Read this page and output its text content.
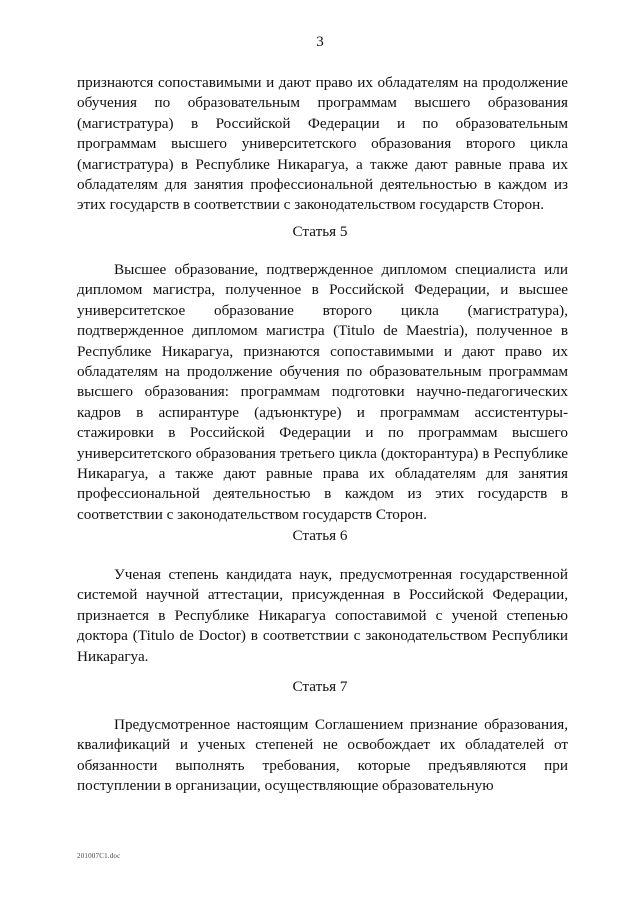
3

признаются сопоставимыми и дают право их обладателям на продолжение обучения по образовательным программам высшего образования (магистратура) в Российской Федерации и по образовательным программам высшего университетского образования второго цикла (магистратура) в Республике Никарагуа, а также дают равные права их обладателям для занятия профессиональной деятельностью в каждом из этих государств в соответствии с законодательством государств Сторон.

Статья 5

Высшее образование, подтвержденное дипломом специалиста или дипломом магистра, полученное в Российской Федерации, и высшее университетское образование второго цикла (магистратура), подтвержденное дипломом магистра (Titulo de Maestria), полученное в Республике Никарагуа, признаются сопоставимыми и дают право их обладателям на продолжение обучения по образовательным программам высшего образования: программам подготовки научно-педагогических кадров в аспирантуре (адъюнктуре) и программам ассистентуры-стажировки в Российской Федерации и по программам высшего университетского образования третьего цикла (докторантура) в Республике Никарагуа, а также дают равные права их обладателям для занятия профессиональной деятельностью в каждом из этих государств в соответствии с законодательством государств Сторон.

Статья 6

Ученая степень кандидата наук, предусмотренная государственной системой научной аттестации, присужденная в Российской Федерации, признается в Республике Никарагуа сопоставимой с ученой степенью доктора (Titulo de Doctor) в соответствии с законодательством Республики Никарагуа.

Статья 7

Предусмотренное настоящим Соглашением признание образования, квалификаций и ученых степеней не освобождает их обладателей от обязанности выполнять требования, которые предъявляются при поступлении в организации, осуществляющие образовательную

201007C1.doc
